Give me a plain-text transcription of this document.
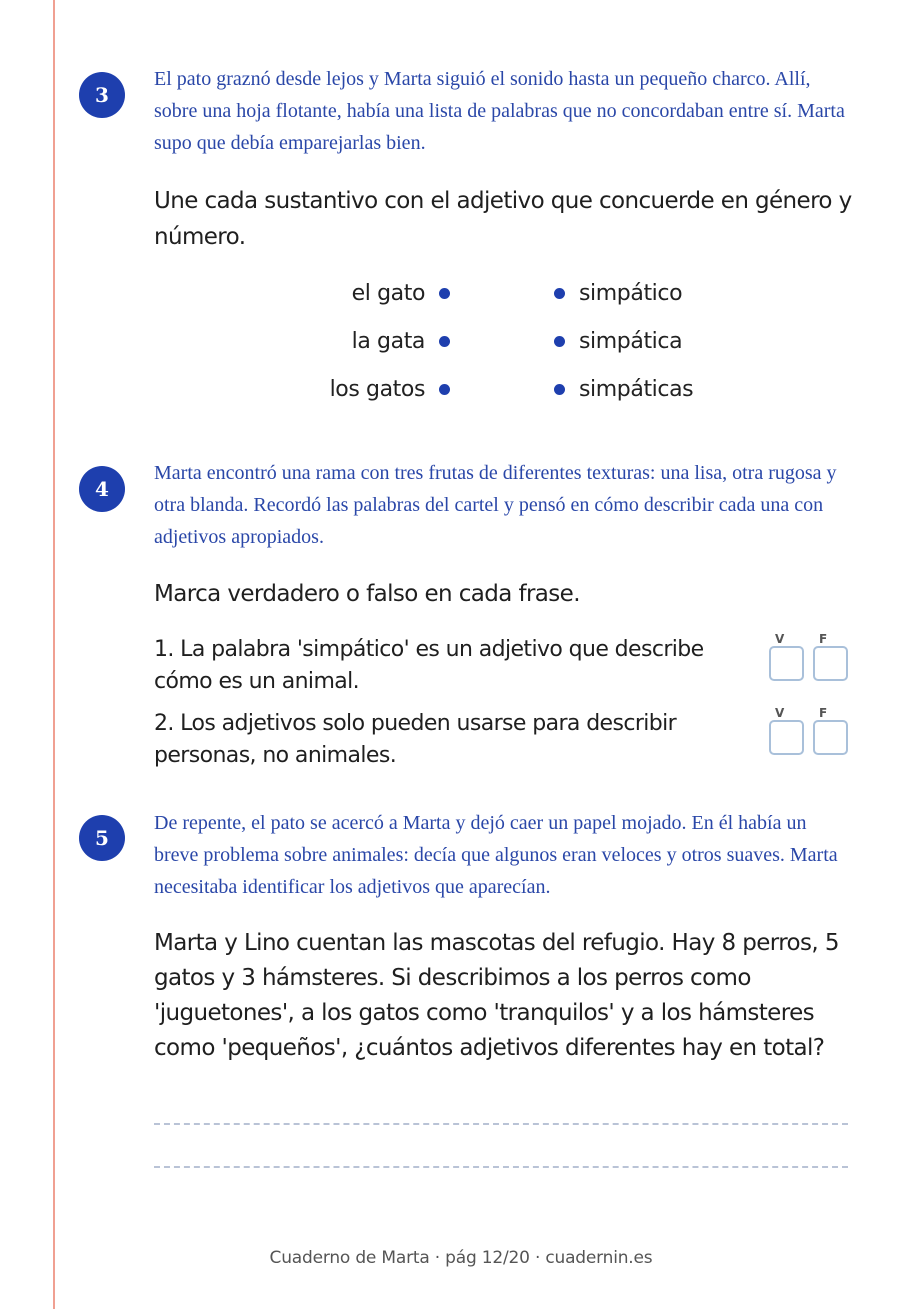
3
El pato graznó desde lejos y Marta siguió el sonido hasta un pequeño charco. Allí, sobre una hoja flotante, había una lista de palabras que no concordaban entre sí. Marta supo que debía emparejarlas bien.
Une cada sustantivo con el adjetivo que concuerde en género y número.
el gato
la gata
los gatos
simpático
simpática
simpáticas
4
Marta encontró una rama con tres frutas de diferentes texturas: una lisa, otra rugosa y otra blanda. Recordó las palabras del cartel y pensó en cómo describir cada una con adjetivos apropiados.
Marca verdadero o falso en cada frase.
1. La palabra 'simpático' es un adjetivo que describe cómo es un animal.
V	F
2. Los adjetivos solo pueden usarse para describir personas, no animales.
V	F
5
De repente, el pato se acercó a Marta y dejó caer un papel mojado. En él había un breve problema sobre animales: decía que algunos eran veloces y otros suaves. Marta necesitaba identificar los adjetivos que aparecían.
Marta y Lino cuentan las mascotas del refugio. Hay 8 perros, 5 gatos y 3 hámsteres. Si describimos a los perros como 'juguetones', a los gatos como 'tranquilos' y a los hámsteres como 'pequeños', ¿cuántos adjetivos diferentes hay en total?
Cuaderno de Marta · pág 12/20 · cuadernin.es
